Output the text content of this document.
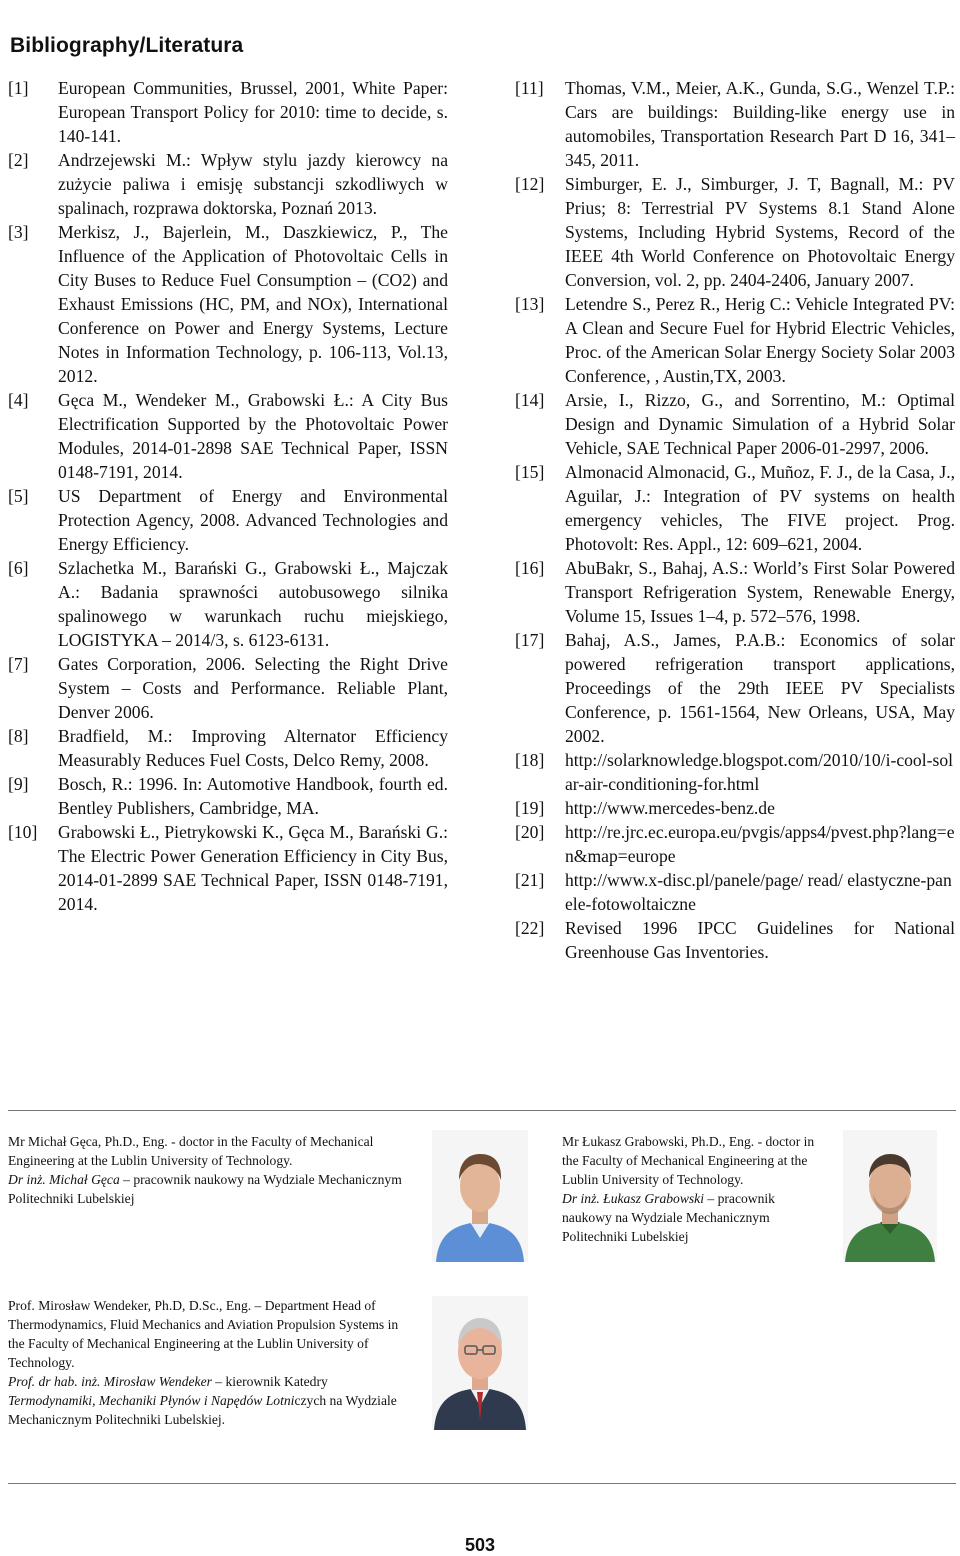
Bibliography/Literatura
[1]	European Communities, Brussel, 2001, White Paper: European Transport Policy for 2010: time to decide, s. 140-141.
[2]	Andrzejewski M.: Wpływ stylu jazdy kierowcy na zużycie paliwa i emisję substancji szkodliwych w spalinach, rozprawa doktorska, Poznań 2013.
[3]	Merkisz, J., Bajerlein, M., Daszkiewicz, P., The Influence of the Application of Photovoltaic Cells in City Buses to Reduce Fuel Consumption – (CO2) and Exhaust Emissions (HC, PM, and NOx), International Conference on Power and Energy Systems, Lecture Notes in Information Technology, p. 106-113, Vol.13, 2012.
[4]	Gęca M., Wendeker M., Grabowski Ł.: A City Bus Electrification Supported by the Photovoltaic Power Modules, 2014-01-2898 SAE Technical Paper, ISSN 0148-7191, 2014.
[5]	US Department of Energy and Environmental Protection Agency, 2008. Advanced Technologies and Energy Efficiency.
[6]	Szlachetka M., Barański G., Grabowski Ł., Majczak A.: Badania sprawności autobusowego silnika spalinowego w warunkach ruchu miejskiego, LOGISTYKA – 2014/3, s. 6123-6131.
[7]	Gates Corporation, 2006. Selecting the Right Drive System – Costs and Performance. Reliable Plant, Denver 2006.
[8]	Bradfield, M.: Improving Alternator Efficiency Measurably Reduces Fuel Costs, Delco Remy, 2008.
[9]	Bosch, R.: 1996. In: Automotive Handbook, fourth ed. Bentley Publishers, Cambridge, MA.
[10]	Grabowski Ł., Pietrykowski K., Gęca M., Barański G.: The Electric Power Generation Efficiency in City Bus, 2014-01-2899 SAE Technical Paper, ISSN 0148-7191, 2014.
[11]	Thomas, V.M., Meier, A.K., Gunda, S.G., Wenzel T.P.: Cars are buildings: Building-like energy use in automobiles, Transportation Research Part D 16, 341–345, 2011.
[12]	Simburger, E. J., Simburger, J. T, Bagnall, M.: PV Prius; 8: Terrestrial PV Systems 8.1 Stand Alone Systems, Including Hybrid Systems, Record of the IEEE 4th World Conference on Photovoltaic Energy Conversion, vol. 2, pp. 2404-2406, January 2007.
[13]	Letendre S., Perez R., Herig C.: Vehicle Integrated PV: A Clean and Secure Fuel for Hybrid Electric Vehicles, Proc. of the American Solar Energy Society Solar 2003 Conference, , Austin,TX, 2003.
[14]	Arsie, I., Rizzo, G., and Sorrentino, M.: Optimal Design and Dynamic Simulation of a Hybrid Solar Vehicle, SAE Technical Paper 2006-01-2997, 2006.
[15]	Almonacid Almonacid, G., Muñoz, F. J., de la Casa, J., Aguilar, J.: Integration of PV systems on health emergency vehicles, The FIVE project. Prog. Photovolt: Res. Appl., 12: 609–621, 2004.
[16]	AbuBakr, S., Bahaj, A.S.: World’s First Solar Powered Transport Refrigeration System, Renewable Energy, Volume 15, Issues 1–4, p. 572–576, 1998.
[17]	Bahaj, A.S., James, P.A.B.: Economics of solar powered refrigeration transport applications, Proceedings of the 29th IEEE PV Specialists Conference, p. 1561-1564, New Orleans, USA, May 2002.
[18]	http://solarknowledge.blogspot.com/2010/10/i-cool-solar-air-conditioning-for.html
[19]	http://www.mercedes-benz.de
[20]	http://re.jrc.ec.europa.eu/pvgis/apps4/pvest.php?lang=en&map=europe
[21]	http://www.x-disc.pl/panele/page/ read/ elastyczne-panele-fotowoltaiczne
[22]	Revised 1996 IPCC Guidelines for National Greenhouse Gas Inventories.

Mr Michał Gęca, Ph.D., Eng. - doctor in the Faculty of Mechanical Engineering at the Lublin University of Technology.

Dr inż. Michał Gęca – pracownik naukowy na Wydziale Mechanicznym Politechniki Lubelskiej

Mr Łukasz Grabowski, Ph.D., Eng. - doctor in the Faculty of Mechanical Engineering at the Lublin University of Technology.

Dr inż. Łukasz Grabowski – pracownik naukowy na Wydziale Mechanicznym Politechniki Lubelskiej

Prof. Mirosław Wendeker, Ph.D, D.Sc., Eng. – Department Head of Thermodynamics, Fluid Mechanics and Aviation Propulsion Systems in the Faculty of Mechanical Engineering at the Lublin University of Technology.

Prof. dr hab. inż. Mirosław Wendeker – kierownik Katedry Termodynamiki, Mechaniki Płynów i Napędów Lotniczych na Wydziale Mechanicznym Politechniki Lubelskiej.

503
